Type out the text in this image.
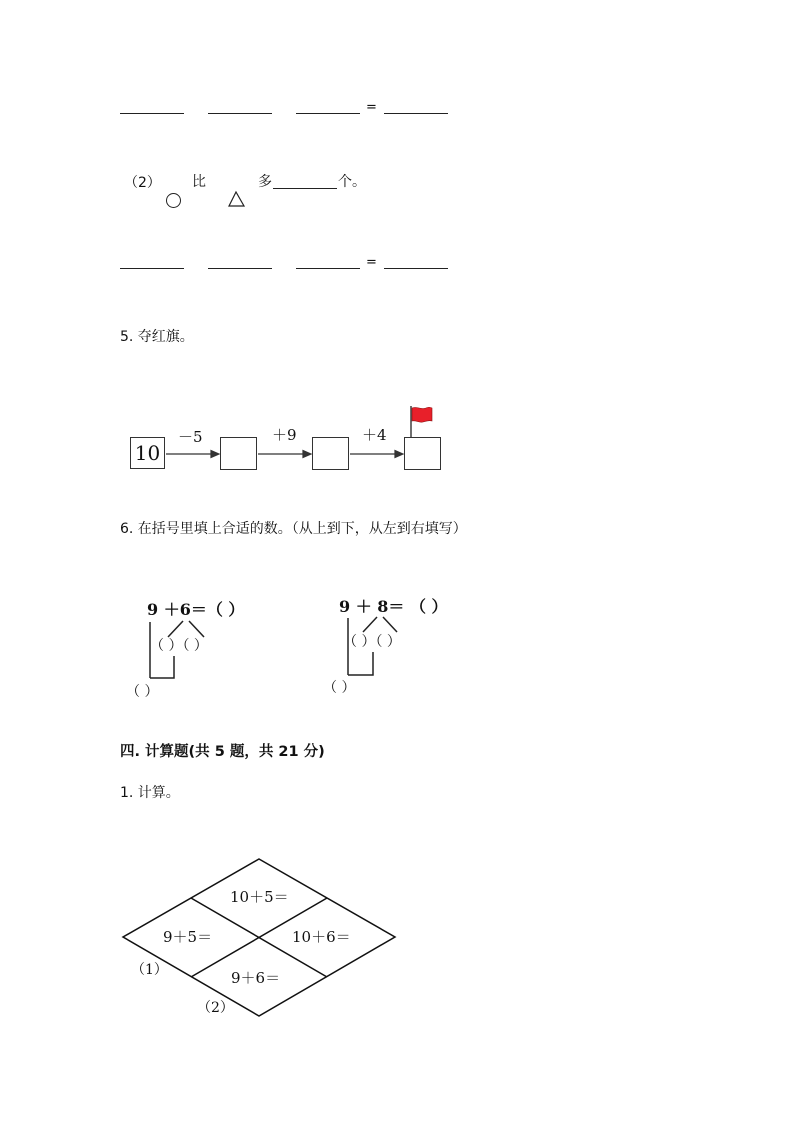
=
（2） 比	多	个。
=
5. 夺红旗。
10
－5	＋9	＋4
6. 在括号里填上合适的数。（从上到下，从左到右填写）
9 ＋6＝（ ）
（ ）（ ）
（ ）
9 ＋ 8＝ （ ）
（ ）（ ）
（ ）
四. 计算题(共 5 题，共 21 分)
1. 计算。
10＋5＝
9＋5＝	10＋6＝
9＋6＝
（1）
（2）
